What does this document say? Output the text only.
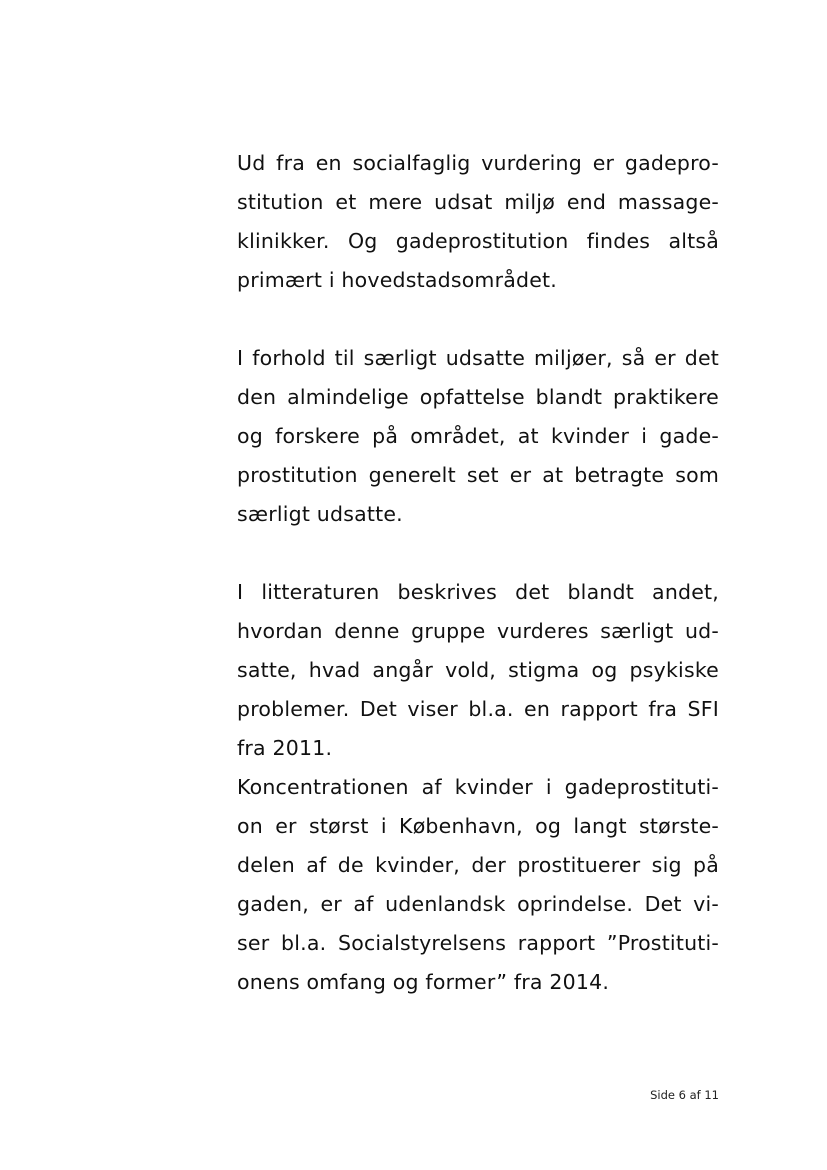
Ud fra en socialfaglig vurdering er gadepro-
stitution et mere udsat miljø end massage-
klinikker. Og gadeprostitution findes altså
primært i hovedstadsområdet.
I forhold til særligt udsatte miljøer, så er det
den almindelige opfattelse blandt praktikere
og forskere på området, at kvinder i gade-
prostitution generelt set er at betragte som
særligt udsatte.
I litteraturen beskrives det blandt andet,
hvordan denne gruppe vurderes særligt ud-
satte, hvad angår vold, stigma og psykiske
problemer. Det viser bl.a. en rapport fra SFI
fra 2011.
Koncentrationen af kvinder i gadeprostituti-
on er størst i København, og langt største-
delen af de kvinder, der prostituerer sig på
gaden, er af udenlandsk oprindelse. Det vi-
ser bl.a. Socialstyrelsens rapport ”Prostituti-
onens omfang og former” fra 2014.
Side 6 af 11
